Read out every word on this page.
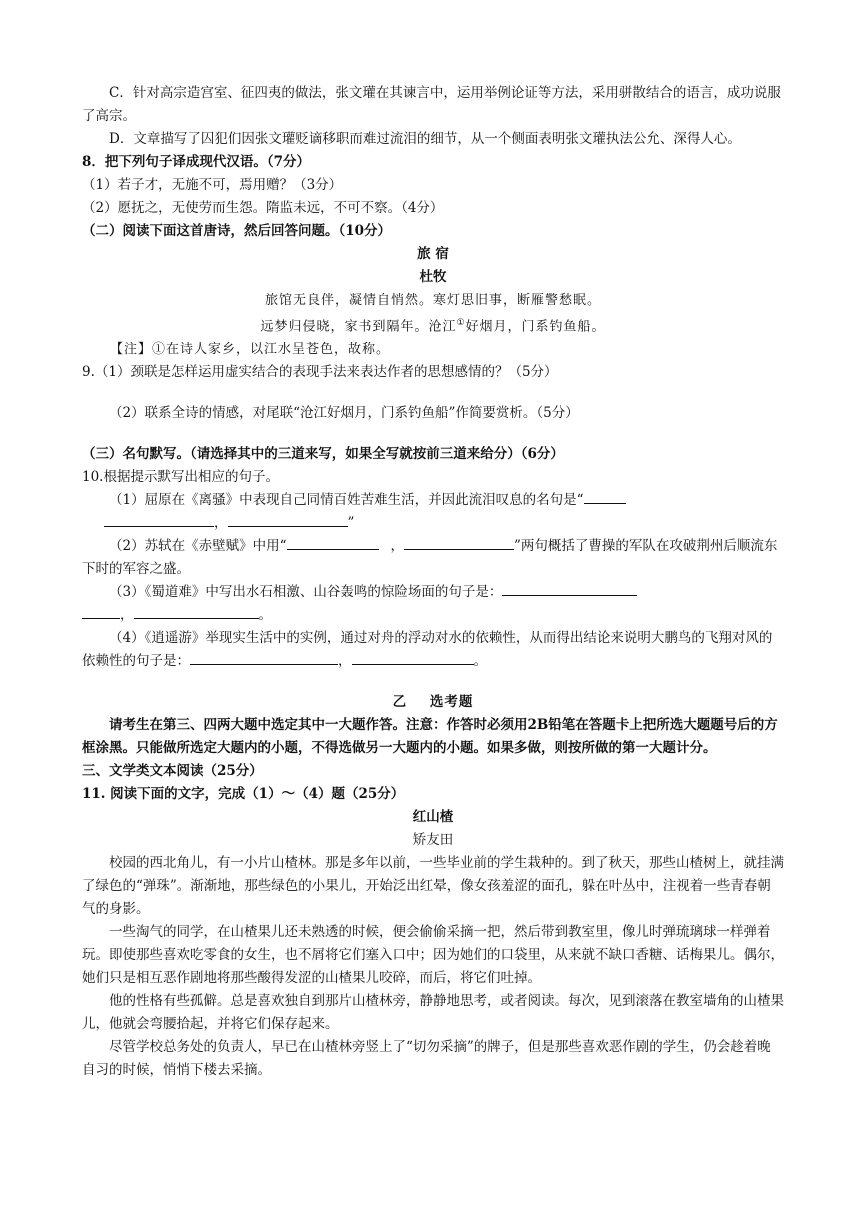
C．针对高宗造宫室、征四夷的做法，张文瓘在其谏言中，运用举例论证等方法，采用骈散结合的语言，成功说服了高宗。

D．文章描写了囚犯们因张文瓘贬谪移职而难过流泪的细节，从一个侧面表明张文瓘执法公允、深得人心。

8．把下列句子译成现代汉语。（7分）

（1）若子才，无施不可，焉用赠？（3分）

（2）愿抚之，无使劳而生怨。隋监未远，不可不察。（4分）

（二）阅读下面这首唐诗，然后回答问题。（10分）

旅 宿

杜牧

旅馆无良伴，凝情自悄然。寒灯思旧事，断雁警愁眠。

远梦归侵晓，家书到隔年。沧江①好烟月，门系钓鱼船。

【注】①在诗人家乡，以江水呈苍色，故称。

9.（1）颈联是怎样运用虚实结合的表现手法来表达作者的思想感情的？（5分）

（2）联系全诗的情感，对尾联“沧江好烟月，门系钓鱼船”作简要赏析。（5分）

（三）名句默写。（请选择其中的三道来写，如果全写就按前三道来给分）（6分）

10.根据提示默写出相应的句子。

（1）屈原在《离骚》中表现自己同情百姓苦难生活，并因此流泪叹息的名句是“

，	”

（2）苏轼在《赤壁赋》中用“	，	”两句概括了曹操的军队在攻破荆州后顺流东下时的军容之盛。

（3）《蜀道难》中写出水石相激、山谷轰鸣的惊险场面的句子是：

，	。

（4）《逍遥游》举现实生活中的实例，通过对舟的浮动对水的依赖性，从而得出结论来说明大鹏鸟的飞翔对风的依赖性的句子是：	，	。

乙    选考题

请考生在第三、四两大题中选定其中一大题作答。注意：作答时必须用2B铅笔在答题卡上把所选大题题号后的方框涂黑。只能做所选定大题内的小题，不得选做另一大题内的小题。如果多做，则按所做的第一大题计分。

三、文学类文本阅读（25分）

11. 阅读下面的文字，完成（1）～（4）题（25分）

红山楂

矫友田

校园的西北角儿，有一小片山楂林。那是多年以前，一些毕业前的学生栽种的。到了秋天，那些山楂树上，就挂满了绿色的“弹珠”。渐渐地，那些绿色的小果儿，开始泛出红晕，像女孩羞涩的面孔，躲在叶丛中，注视着一些青春朝气的身影。

一些淘气的同学，在山楂果儿还未熟透的时候，便会偷偷采摘一把，然后带到教室里，像儿时弹琉璃球一样弹着玩。即使那些喜欢吃零食的女生，也不屑将它们塞入口中；因为她们的口袋里，从来就不缺口香糖、话梅果儿。偶尔，她们只是相互恶作剧地将那些酸得发涩的山楂果儿咬碎，而后，将它们吐掉。

他的性格有些孤僻。总是喜欢独自到那片山楂林旁，静静地思考，或者阅读。每次，见到滚落在教室墙角的山楂果儿，他就会弯腰拾起，并将它们保存起来。

尽管学校总务处的负责人，早已在山楂林旁竖上了“切勿采摘”的牌子，但是那些喜欢恶作剧的学生，仍会趁着晚自习的时候，悄悄下楼去采摘。
